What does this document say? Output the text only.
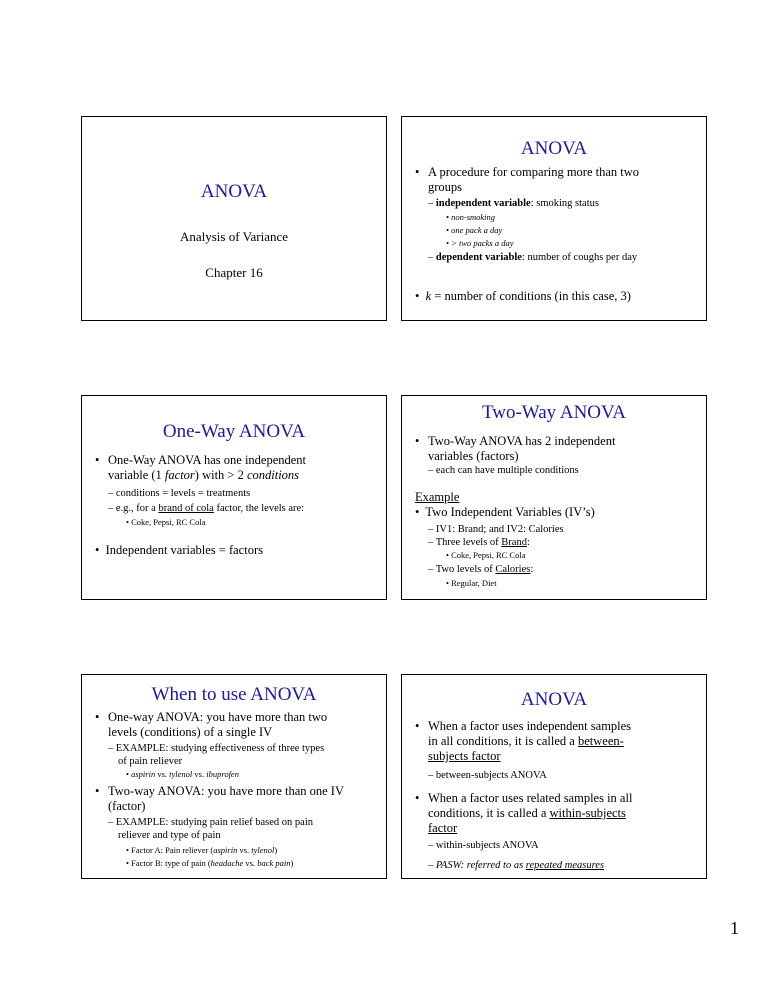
ANOVA
Analysis of Variance
Chapter 16
ANOVA
• A procedure for comparing more than two
groups
– independent variable: smoking status
• non-smoking
• one pack a day
• > two packs a day
– dependent variable: number of coughs per day
•  k = number of conditions (in this case, 3)
One-Way ANOVA
• One-Way ANOVA has one independent
variable (1 factor) with > 2 conditions
– conditions = levels = treatments
– e.g., for a brand of cola factor, the levels are:
• Coke, Pepsi, RC Cola
•  Independent variables = factors
Two-Way ANOVA
• Two-Way ANOVA has 2 independent
variables (factors)
– each can have multiple conditions
Example
•  Two Independent Variables (IV’s)
– IV1: Brand; and IV2: Calories
– Three levels of Brand:
• Coke, Pepsi, RC Cola
– Two levels of Calories:
• Regular, Diet
When to use ANOVA
• One-way ANOVA: you have more than two
levels (conditions) of a single IV
– EXAMPLE: studying effectiveness of three types
of pain reliever
• aspirin vs. tylenol vs. ibuprofen
• Two-way ANOVA: you have more than one IV
(factor)
– EXAMPLE: studying pain relief based on pain
reliever and type of pain
• Factor A: Pain reliever (aspirin vs. tylenol)
• Factor B: type of pain (headache vs. back pain)
ANOVA
• When a factor uses independent samples
in all conditions, it is called a between-
subjects factor
– between-subjects ANOVA
• When a factor uses related samples in all
conditions, it is called a within-subjects
factor
– within-subjects ANOVA
– PASW: referred to as repeated measures
1
